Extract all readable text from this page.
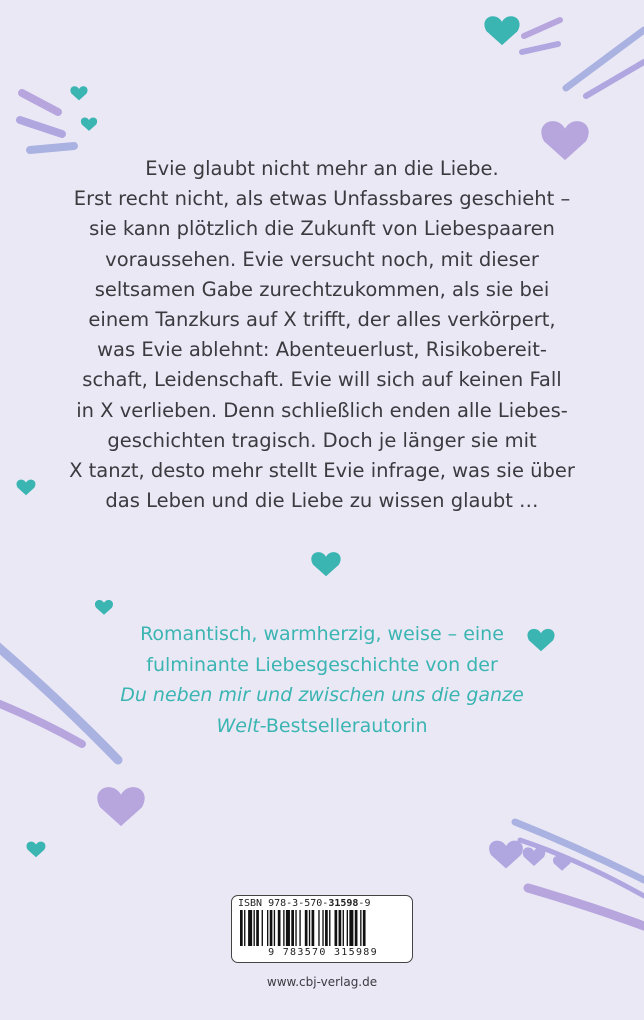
Evie glaubt nicht mehr an die Liebe.
Erst recht nicht, als etwas Unfassbares geschieht –
sie kann plötzlich die Zukunft von Liebespaaren
voraussehen. Evie versucht noch, mit dieser
seltsamen Gabe zurechtzukommen, als sie bei
einem Tanzkurs auf X trifft, der alles verkörpert,
was Evie ablehnt: Abenteuerlust, Risikobereit-
schaft, Leidenschaft. Evie will sich auf keinen Fall
in X verlieben. Denn schließlich enden alle Liebes-
geschichten tragisch. Doch je länger sie mit
X tanzt, desto mehr stellt Evie infrage, was sie über
das Leben und die Liebe zu wissen glaubt …

Romantisch, warmherzig, weise – eine
fulminante Liebesgeschichte von der
Du neben mir und zwischen uns die ganze
Welt-Bestsellerautorin

ISBN 978-3-570-31598-9
9 783570 315989
www.cbj-verlag.de
